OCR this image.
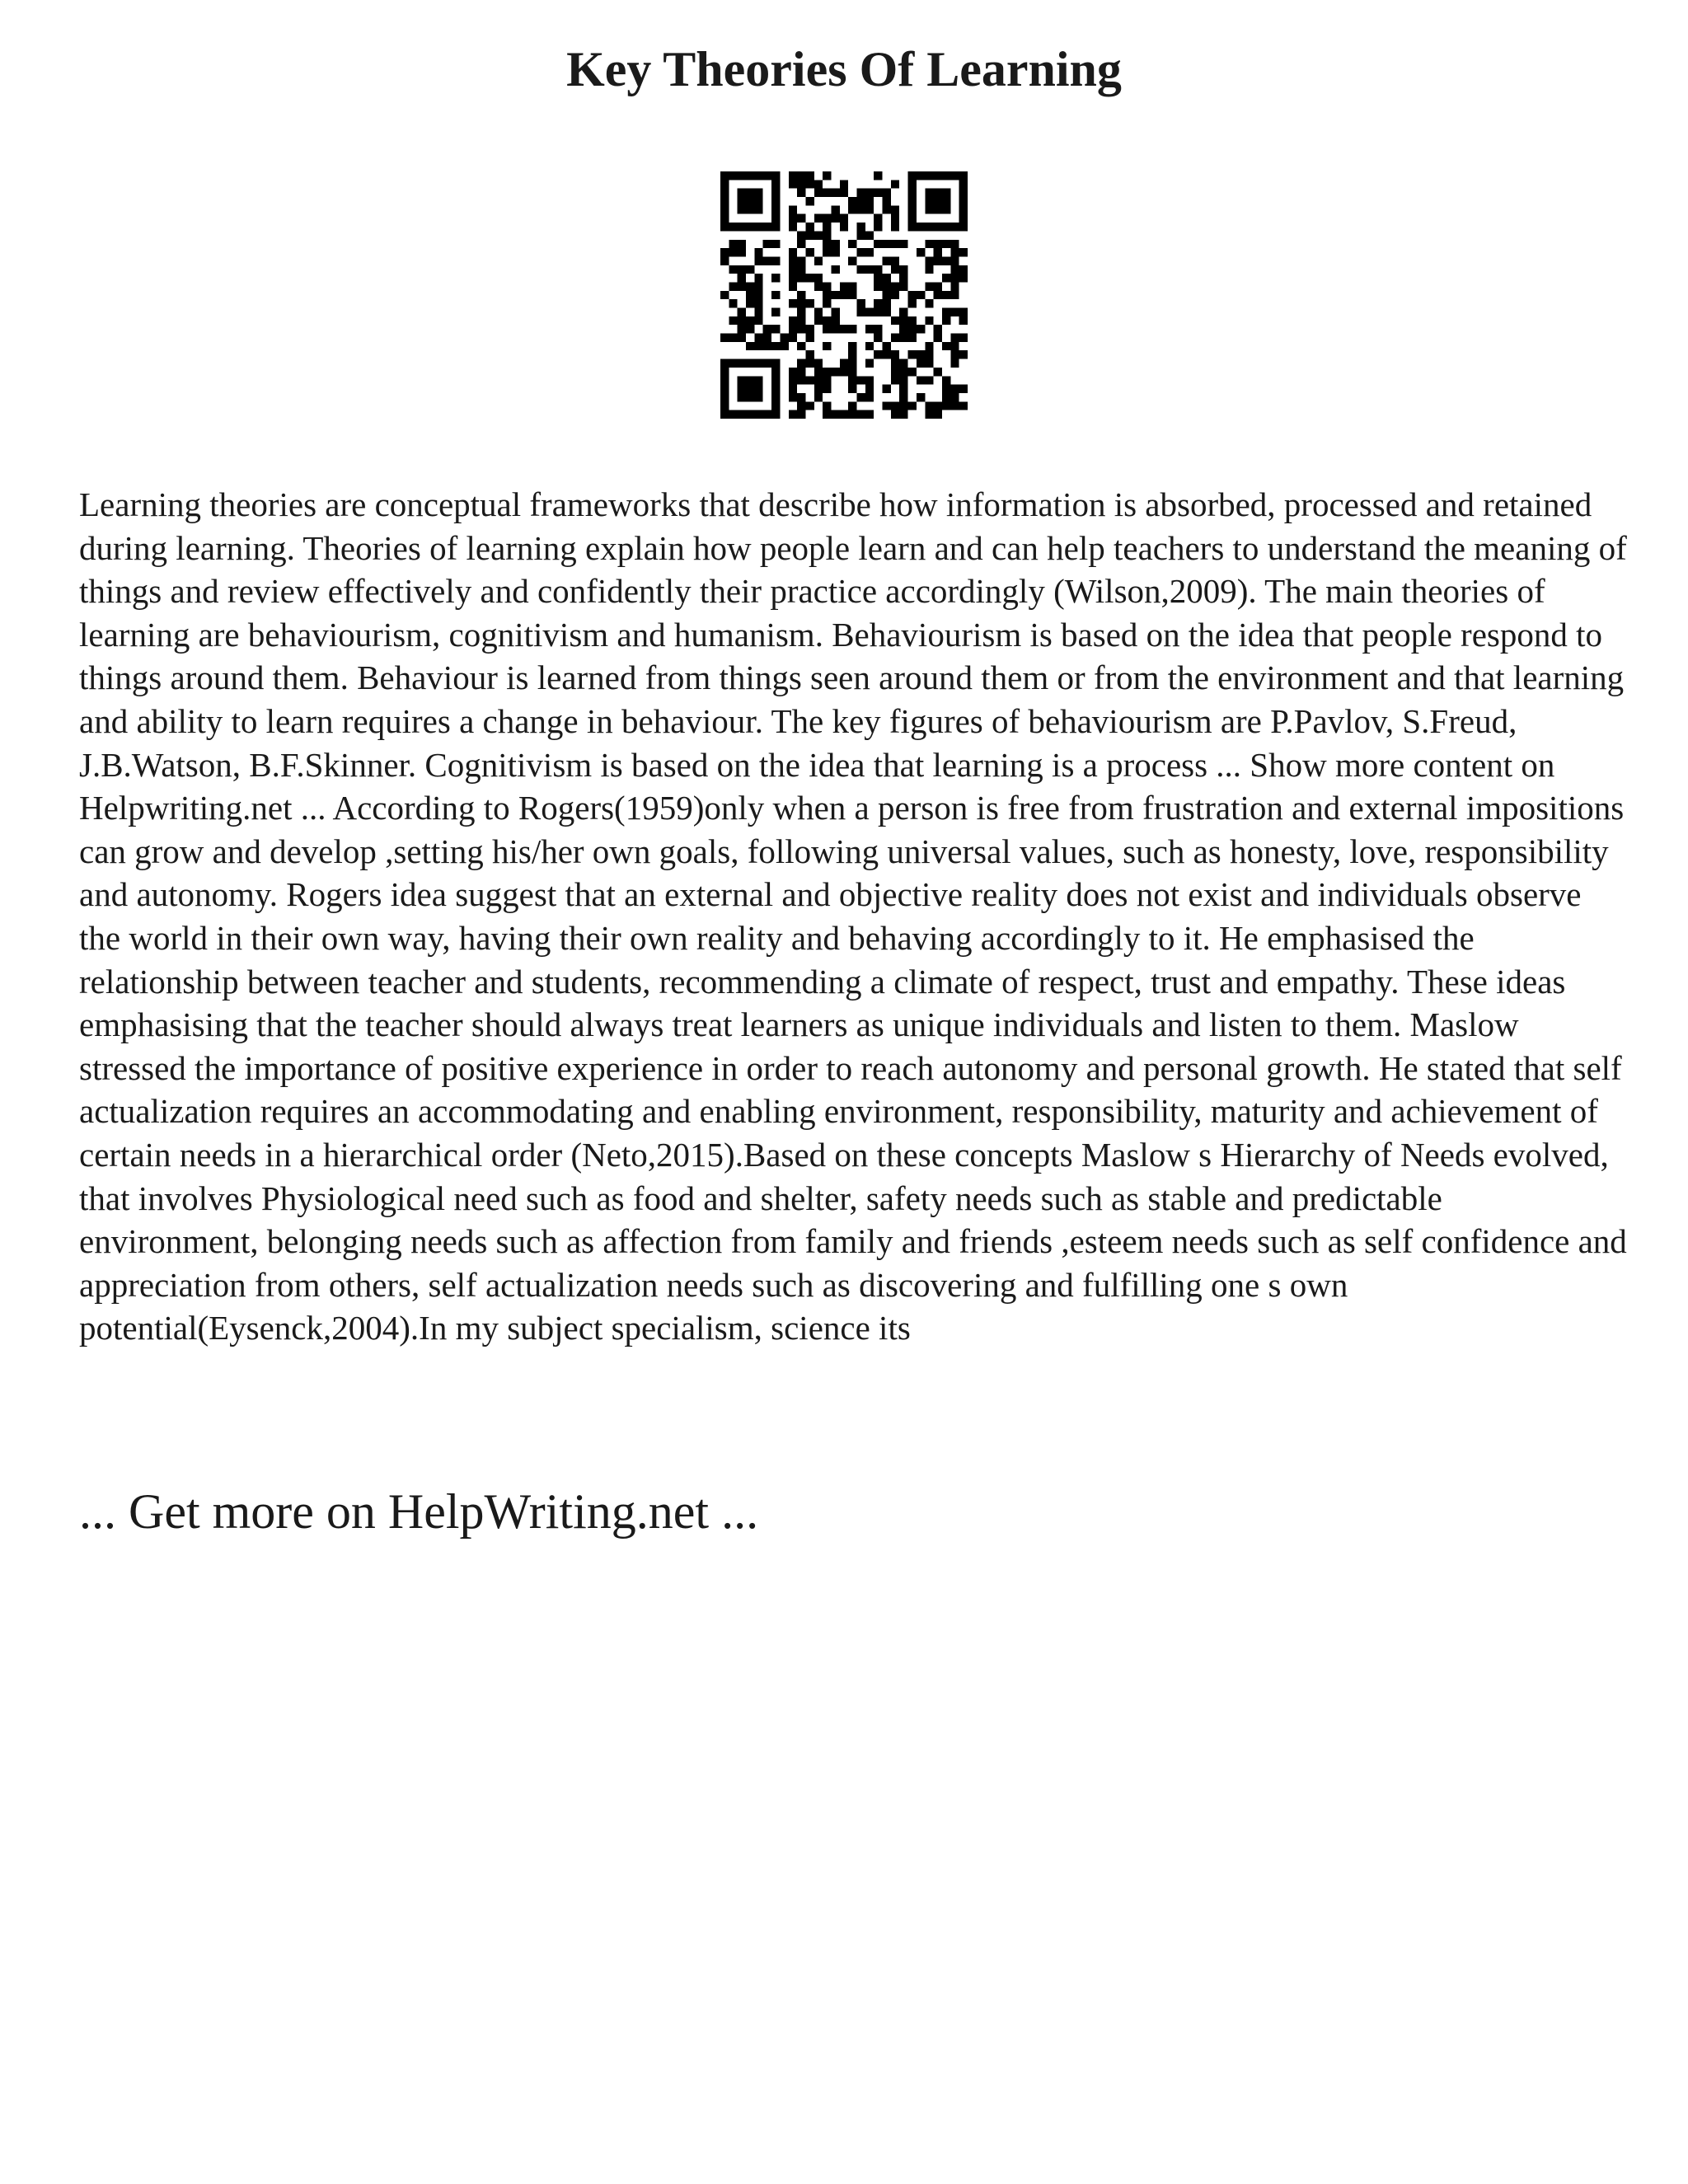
Key Theories Of Learning

Learning theories are conceptual frameworks that describe how information is absorbed, processed and retained during learning. Theories of learning explain how people learn and can help teachers to understand the meaning of things and review effectively and confidently their practice accordingly (Wilson,2009). The main theories of learning are behaviourism, cognitivism and humanism. Behaviourism is based on the idea that people respond to things around them. Behaviour is learned from things seen around them or from the environment and that learning and ability to learn requires a change in behaviour. The key figures of behaviourism are P.Pavlov, S.Freud, J.B.Watson, B.F.Skinner. Cognitivism is based on the idea that learning is a process ... Show more content on Helpwriting.net ... According to Rogers(1959)only when a person is free from frustration and external impositions can grow and develop ,setting his/her own goals, following universal values, such as honesty, love, responsibility and autonomy. Rogers idea suggest that an external and objective reality does not exist and individuals observe the world in their own way, having their own reality and behaving accordingly to it. He emphasised the relationship between teacher and students, recommending a climate of respect, trust and empathy. These ideas emphasising that the teacher should always treat learners as unique individuals and listen to them. Maslow stressed the importance of positive experience in order to reach autonomy and personal growth. He stated that self actualization requires an accommodating and enabling environment, responsibility, maturity and achievement of certain needs in a hierarchical order (Neto,2015).Based on these concepts Maslow s Hierarchy of Needs evolved, that involves Physiological need such as food and shelter, safety needs such as stable and predictable environment, belonging needs such as affection from family and friends ,esteem needs such as self confidence and appreciation from others, self actualization needs such as discovering and fulfilling one s own potential(Eysenck,2004).In my subject specialism, science its

... Get more on HelpWriting.net ...
